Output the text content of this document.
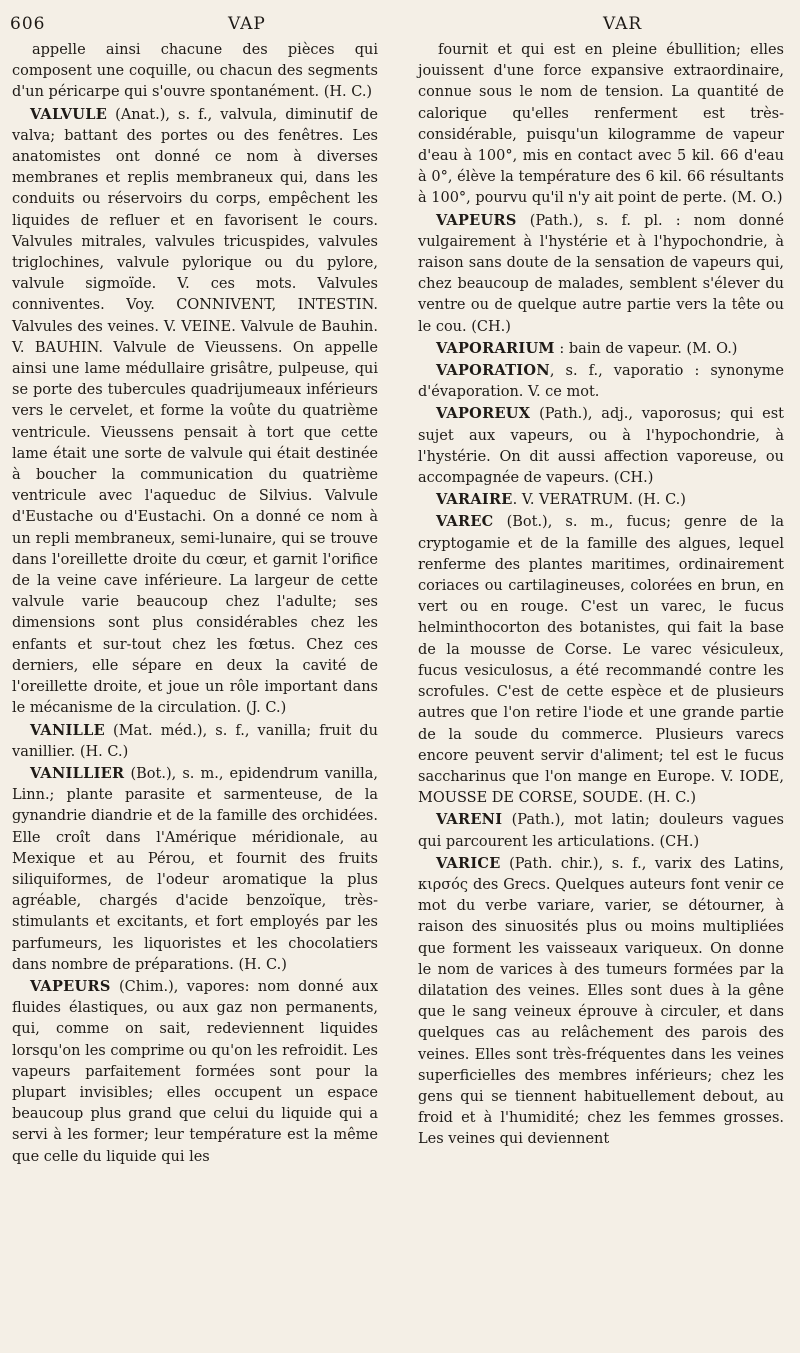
606	VAP	VAR

appelle ainsi chacune des pièces qui composent une coquille, ou chacun des segments d'un péricarpe qui s'ouvre spontanément. (H. C.)

VALVULE (Anat.), s. f., valvula, diminutif de valva; battant des portes ou des fenêtres. Les anatomistes ont donné ce nom à diverses membranes et replis membraneux qui, dans les conduits ou réservoirs du corps, empêchent les liquides de refluer et en favorisent le cours. Valvules mitrales, valvules tricuspides, valvules triglochines, valvule pylorique ou du pylore, valvule sigmoïde. V. ces mots. Valvules conniventes. Voy. CONNIVENT, INTESTIN. Valvules des veines. V. VEINE. Valvule de Bauhin. V. BAUHIN. Valvule de Vieussens. On appelle ainsi une lame médullaire grisâtre, pulpeuse, qui se porte des tubercules quadrijumeaux inférieurs vers le cervelet, et forme la voûte du quatrième ventricule. Vieussens pensait à tort que cette lame était une sorte de valvule qui était destinée à boucher la communication du quatrième ventricule avec l'aqueduc de Silvius. Valvule d'Eustache ou d'Eustachi. On a donné ce nom à un repli membraneux, semi-lunaire, qui se trouve dans l'oreillette droite du cœur, et garnit l'orifice de la veine cave inférieure. La largeur de cette valvule varie beaucoup chez l'adulte; ses dimensions sont plus considérables chez les enfants et sur-tout chez les fœtus. Chez ces derniers, elle sépare en deux la cavité de l'oreillette droite, et joue un rôle important dans le mécanisme de la circulation. (J. C.)

VANILLE (Mat. méd.), s. f., vanilla; fruit du vanillier. (H. C.)

VANILLIER (Bot.), s. m., epidendrum vanilla, Linn.; plante parasite et sarmenteuse, de la gynandrie diandrie et de la famille des orchidées. Elle croît dans l'Amérique méridionale, au Mexique et au Pérou, et fournit des fruits siliquiformes, de l'odeur aromatique la plus agréable, chargés d'acide benzoïque, très-stimulants et excitants, et fort employés par les parfumeurs, les liquoristes et les chocolatiers dans nombre de préparations. (H. C.)

VAPEURS (Chim.), vapores: nom donné aux fluides élastiques, ou aux gaz non permanents, qui, comme on sait, redeviennent liquides lorsqu'on les comprime ou qu'on les refroidit. Les vapeurs parfaitement formées sont pour la plupart invisibles; elles occupent un espace beaucoup plus grand que celui du liquide qui a servi à les former; leur température est la même que celle du liquide qui les

fournit et qui est en pleine ébullition; elles jouissent d'une force expansive extraordinaire, connue sous le nom de tension. La quantité de calorique qu'elles renferment est très-considérable, puisqu'un kilogramme de vapeur d'eau à 100°, mis en contact avec 5 kil. 66 d'eau à 0°, élève la température des 6 kil. 66 résultants à 100°, pourvu qu'il n'y ait point de perte. (M. O.)

VAPEURS (Path.), s. f. pl. : nom donné vulgairement à l'hystérie et à l'hypochondrie, à raison sans doute de la sensation de vapeurs qui, chez beaucoup de malades, semblent s'élever du ventre ou de quelque autre partie vers la tête ou le cou. (CH.)

VAPORARIUM : bain de vapeur. (M. O.)

VAPORATION, s. f., vaporatio : synonyme d'évaporation. V. ce mot.

VAPOREUX (Path.), adj., vaporosus; qui est sujet aux vapeurs, ou à l'hypochondrie, à l'hystérie. On dit aussi affection vaporeuse, ou accompagnée de vapeurs. (CH.)

VARAIRE. V. VERATRUM. (H. C.)

VAREC (Bot.), s. m., fucus; genre de la cryptogamie et de la famille des algues, lequel renferme des plantes maritimes, ordinairement coriaces ou cartilagineuses, colorées en brun, en vert ou en rouge. C'est un varec, le fucus helminthocorton des botanistes, qui fait la base de la mousse de Corse. Le varec vésiculeux, fucus vesiculosus, a été recommandé contre les scrofules. C'est de cette espèce et de plusieurs autres que l'on retire l'iode et une grande partie de la soude du commerce. Plusieurs varecs encore peuvent servir d'aliment; tel est le fucus saccharinus que l'on mange en Europe. V. IODE, MOUSSE DE CORSE, SOUDE. (H. C.)

VARENI (Path.), mot latin; douleurs vagues qui parcourent les articulations. (CH.)

VARICE (Path. chir.), s. f., varix des Latins, κιρσός des Grecs. Quelques auteurs font venir ce mot du verbe variare, varier, se détourner, à raison des sinuosités plus ou moins multipliées que forment les vaisseaux variqueux. On donne le nom de varices à des tumeurs formées par la dilatation des veines. Elles sont dues à la gêne que le sang veineux éprouve à circuler, et dans quelques cas au relâchement des parois des veines. Elles sont très-fréquentes dans les veines superficielles des membres inférieurs; chez les gens qui se tiennent habituellement debout, au froid et à l'humidité; chez les femmes grosses. Les veines qui deviennent
